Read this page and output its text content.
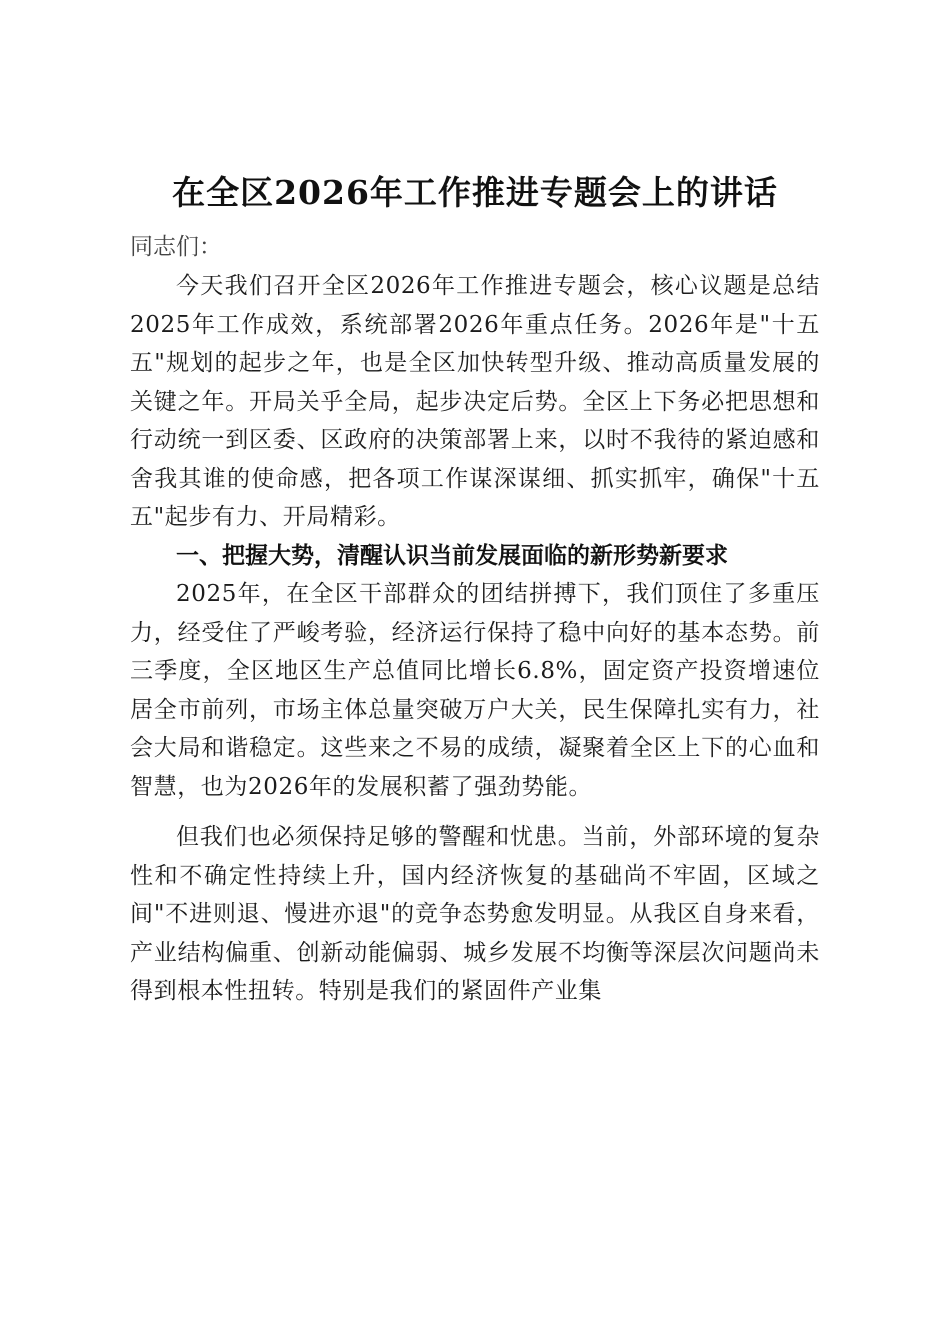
在全区2026年工作推进专题会上的讲话

同志们：

今天我们召开全区2026年工作推进专题会，核心议题是总结2025年工作成效，系统部署2026年重点任务。2026年是"十五五"规划的起步之年，也是全区加快转型升级、推动高质量发展的关键之年。开局关乎全局，起步决定后势。全区上下务必把思想和行动统一到区委、区政府的决策部署上来，以时不我待的紧迫感和舍我其谁的使命感，把各项工作谋深谋细、抓实抓牢，确保"十五五"起步有力、开局精彩。

一、把握大势，清醒认识当前发展面临的新形势新要求

2025年，在全区干部群众的团结拼搏下，我们顶住了多重压力，经受住了严峻考验，经济运行保持了稳中向好的基本态势。前三季度，全区地区生产总值同比增长6.8%，固定资产投资增速位居全市前列，市场主体总量突破万户大关，民生保障扎实有力，社会大局和谐稳定。这些来之不易的成绩，凝聚着全区上下的心血和智慧，也为2026年的发展积蓄了强劲势能。

但我们也必须保持足够的警醒和忧患。当前，外部环境的复杂性和不确定性持续上升，国内经济恢复的基础尚不牢固，区域之间"不进则退、慢进亦退"的竞争态势愈发明显。从我区自身来看，产业结构偏重、创新动能偏弱、城乡发展不均衡等深层次问题尚未得到根本性扭转。特别是我们的紧固件产业集
